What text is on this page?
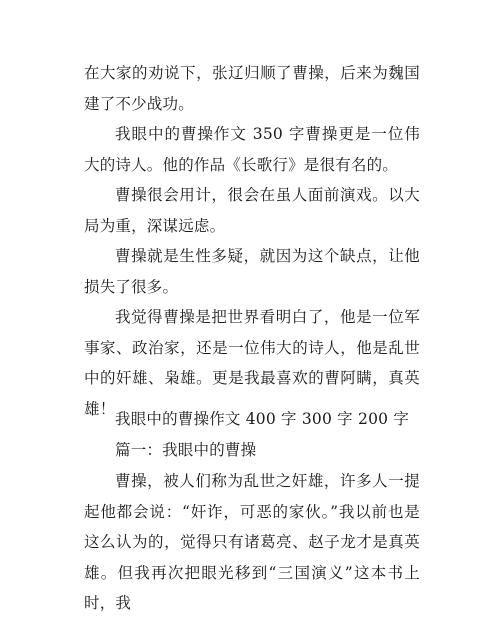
在大家的劝说下，张辽归顺了曹操，后来为魏国建了不少战功。

我眼中的曹操作文 350 字曹操更是一位伟大的诗人。他的作品《长歌行》是很有名的。

曹操很会用计，很会在虽人面前演戏。以大局为重，深谋远虑。

曹操就是生性多疑，就因为这个缺点，让他损失了很多。

我觉得曹操是把世界看明白了，他是一位军事家、政治家，还是一位伟大的诗人，他是乱世中的奸雄、枭雄。更是我最喜欢的曹阿瞒，真英雄！

我眼中的曹操作文 400 字 300 字 200 字

篇一：我眼中的曹操

曹操，被人们称为乱世之奸雄，许多人一提起他都会说：“奸诈，可恶的家伙。”我以前也是这么认为的，觉得只有诸葛亮、赵子龙才是真英雄。但我再次把眼光移到“三国演义”这本书上时，我
